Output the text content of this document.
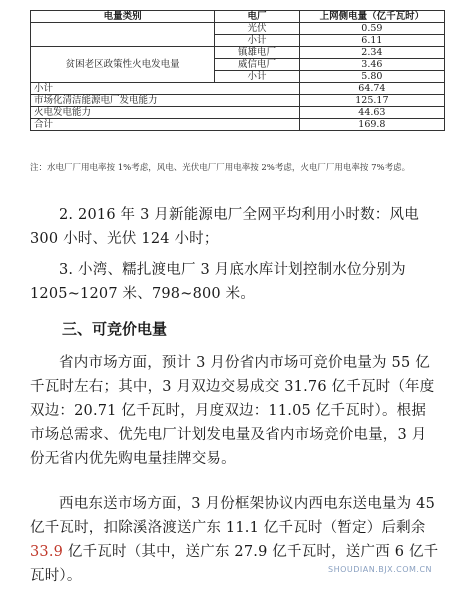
电量类别	电厂	上网侧电量（亿千瓦时）
	光伏	0.59
	小计	6.11
贫困老区政策性火电发电量	镇雄电厂	2.34
	威信电厂	3.46
	小计	5.80
小计		64.74
市场化清洁能源电厂发电能力		125.17
火电发电能力		44.63
合计		169.8
注：水电厂厂用电率按 1%考虑，风电、光伏电厂厂用电率按 2%考虑，火电厂厂用电率按 7%考虑。

2. 2016 年 3 月新能源电厂全网平均利用小时数：风电 300 小时、光伏 124 小时；

3. 小湾、糯扎渡电厂 3 月底水库计划控制水位分别为 1205~1207 米、798~800 米。

三、可竞价电量

省内市场方面，预计 3 月份省内市场可竞价电量为 55 亿千瓦时左右；其中，3 月双边交易成交 31.76 亿千瓦时（年度双边：20.71 亿千瓦时，月度双边：11.05 亿千瓦时）。根据市场总需求、优先电厂计划发电量及省内市场竞价电量，3 月份无省内优先购电量挂牌交易。

西电东送市场方面，3 月份框架协议内西电东送电量为 45 亿千瓦时，扣除溪洛渡送广东 11.1 亿千瓦时（暂定）后剩余 33.9 亿千瓦时（其中，送广东 27.9 亿千瓦时，送广西 6 亿千瓦时）。	SHOUDIAN.BJX.COM.CN
